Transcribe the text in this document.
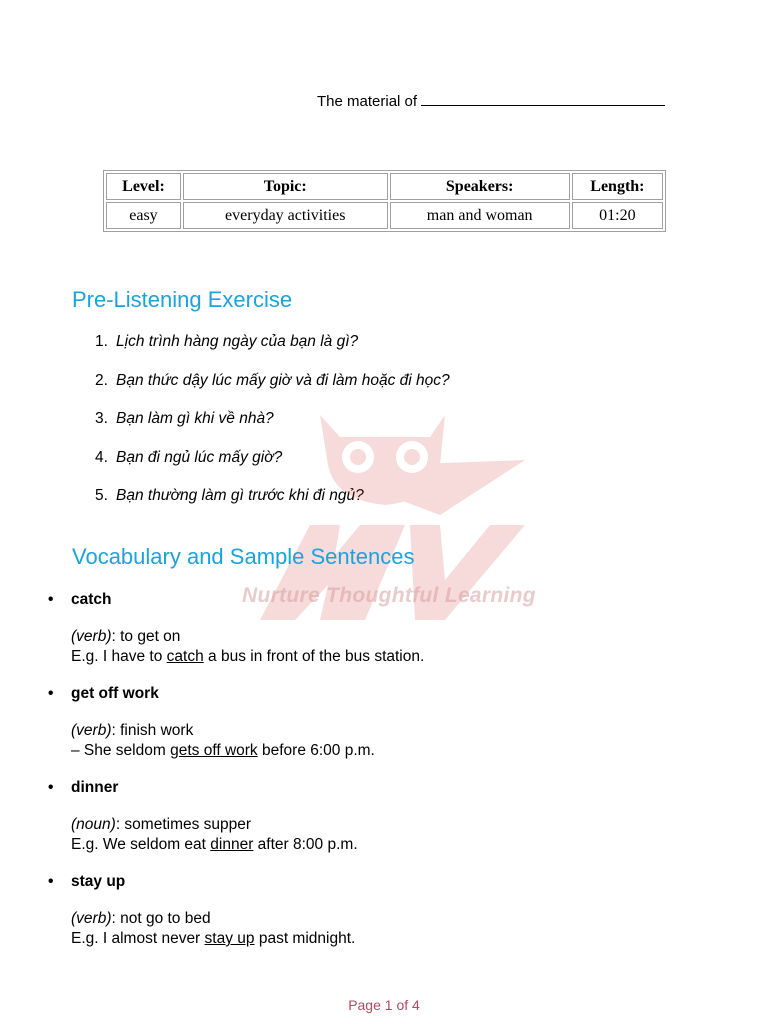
The material of
Level:	Topic:	Speakers:	Length:
easy	everyday activities	man and woman	01:20
Pre-Listening Exercise
1. Lịch trình hàng ngày của bạn là gì?
2. Bạn thức dậy lúc mấy giờ và đi làm hoặc đi học?
3. Bạn làm gì khi về nhà?
4. Bạn đi ngủ lúc mấy giờ?
5. Bạn thường làm gì trước khi đi ngủ?
Nurture Thoughtful Learning
Vocabulary and Sample Sentences
• catch
(verb): to get on
E.g. I have to catch a bus in front of the bus station.
• get off work
(verb): finish work
– She seldom gets off work before 6:00 p.m.
• dinner
(noun): sometimes supper
E.g. We seldom eat dinner after 8:00 p.m.
• stay up
(verb): not go to bed
E.g. I almost never stay up past midnight.
Page 1 of 4
